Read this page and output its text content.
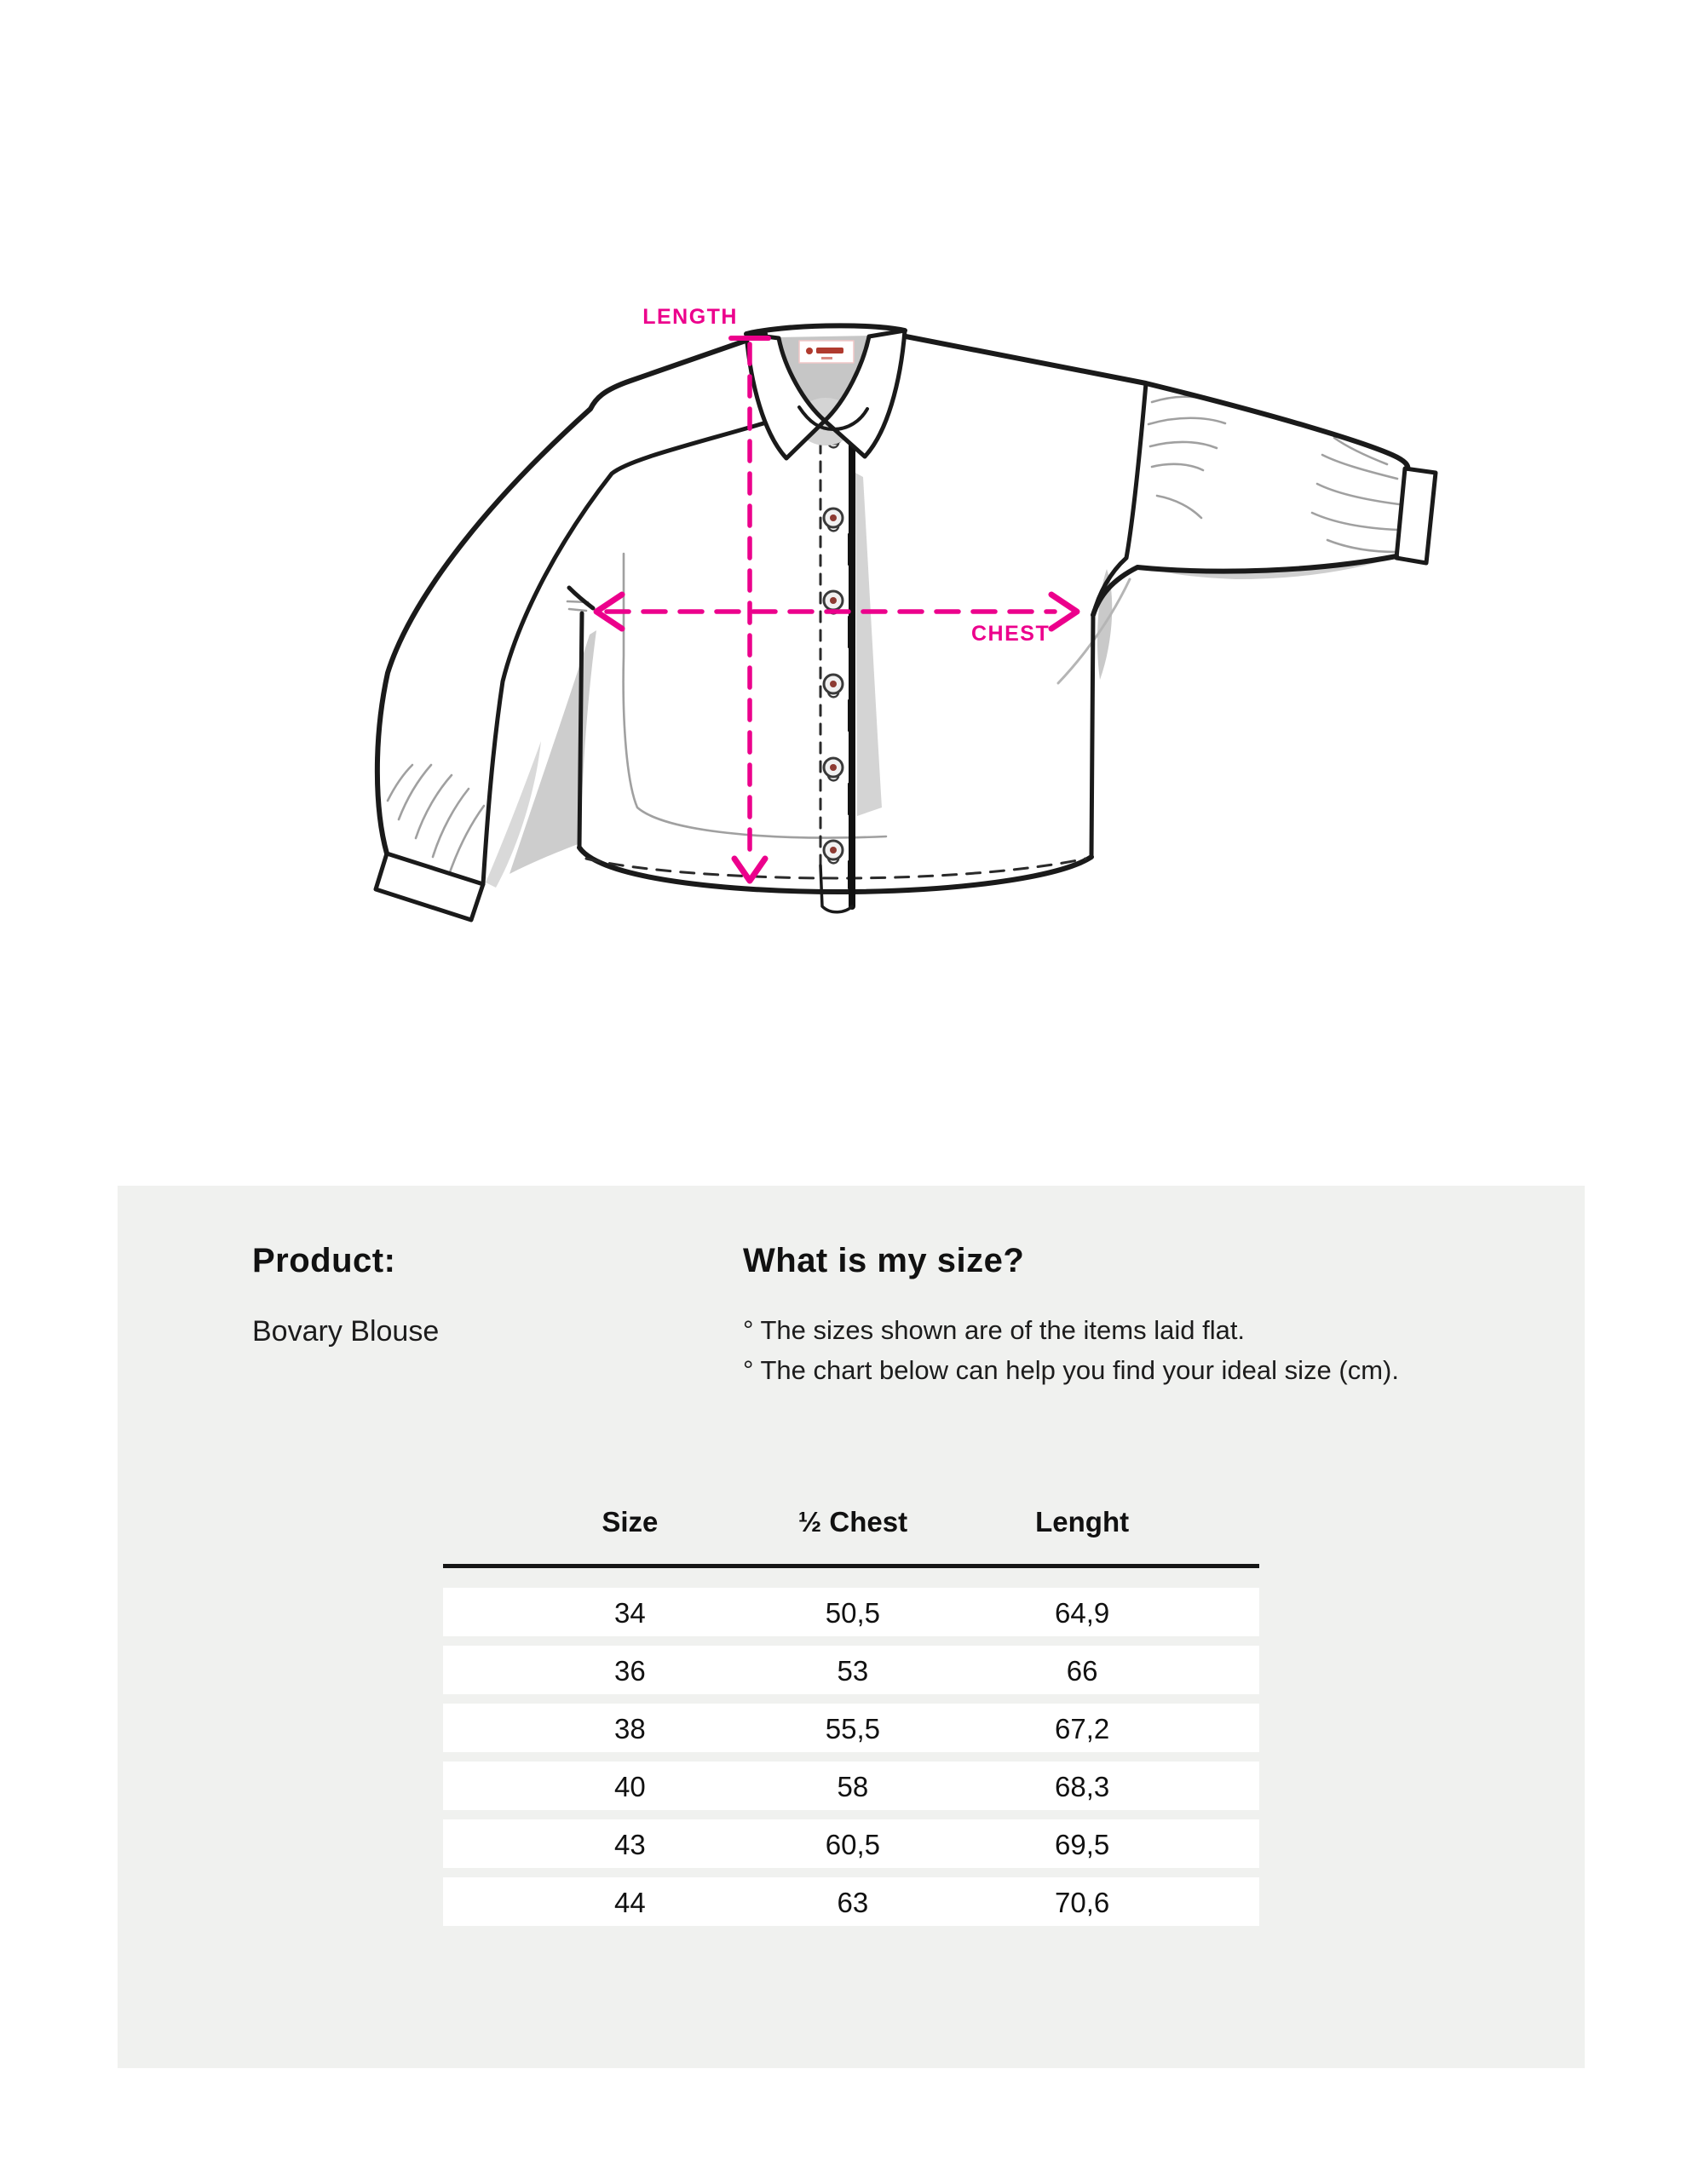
LENGTH
CHEST
Product:
Bovary Blouse
What is my size?
° The sizes shown are of the items laid flat.
° The chart below can help you find your ideal size (cm).
Size	½ Chest	Lenght
34	50,5	64,9
36	53	66
38	55,5	67,2
40	58	68,3
43	60,5	69,5
44	63	70,6
